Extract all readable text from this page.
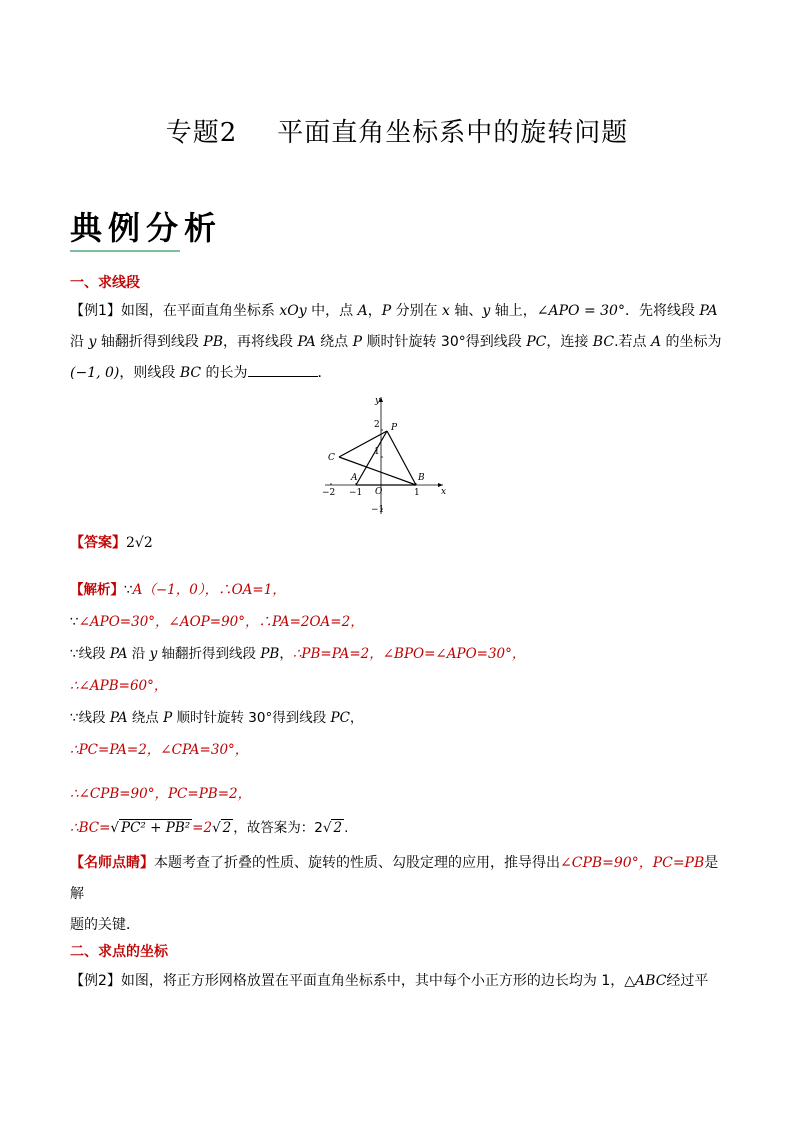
专题2 平面直角坐标系中的旋转问题
典例分析
一、求线段
【例1】如图，在平面直角坐标系 xOy 中，点 A，P 分别在 x 轴、y 轴上，∠APO = 30°．先将线段 PA
沿 y 轴翻折得到线段 PB，再将线段 PA 绕点 P 顺时针旋转 30°得到线段 PC，连接 BC.若点 A 的坐标为
(−1, 0)，则线段 BC 的长为	．
y
x
O
P
A	B
C
−2 −1	1
2
1
−1
【答案】2√2
【解析】∵A（−1，0），∴OA=1，
∵∠APO=30°，∠AOP=90°，∴PA=2OA=2，
∵线段 PA 沿 y 轴翻折得到线段 PB，∴PB=PA=2，∠BPO=∠APO=30°，
∴∠APB=60°，
∵线段 PA 绕点 P 顺时针旋转 30°得到线段 PC，
∴PC=PA=2，∠CPA=30°，
∴∠CPB=90°，PC=PB=2，
∴BC=√ PC² + PB² =2√ 2 ，故答案为：2√ 2 .
【名师点睛】本题考查了折叠的性质、旋转的性质、勾股定理的应用，推导得出∠CPB=90°，PC=PB是解
题的关键．
二、求点的坐标
【例2】如图，将正方形网格放置在平面直角坐标系中，其中每个小正方形的边长均为 1，△ABC经过平
